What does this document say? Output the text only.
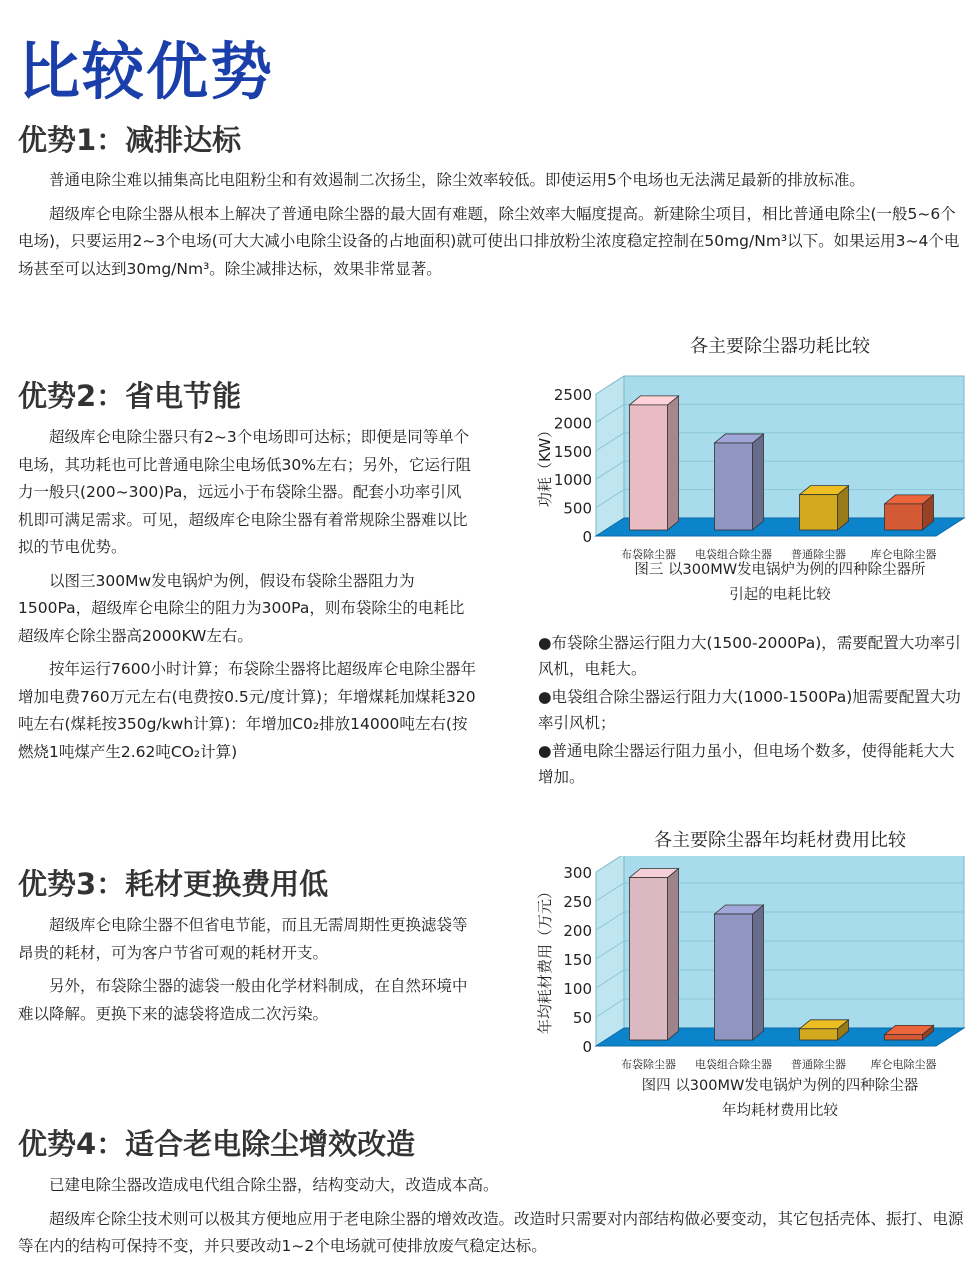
比较优势
优势1：减排达标

普通电除尘难以捕集高比电阻粉尘和有效遏制二次扬尘，除尘效率较低。即使运用5个电场也无法满足最新的排放标准。

超级库仑电除尘器从根本上解决了普通电除尘器的最大固有难题，除尘效率大幅度提高。新建除尘项目，相比普通电除尘(一般5~6个电场)，只要运用2~3个电场(可大大减小电除尘设备的占地面积)就可使出口排放粉尘浓度稳定控制在50mg/Nm³以下。如果运用3~4个电场甚至可以达到30mg/Nm³。除尘减排达标，效果非常显著。

优势2：省电节能

超级库仑电除尘器只有2~3个电场即可达标；即便是同等单个电场，其功耗也可比普通电除尘电场低30%左右；另外，它运行阻力一般只(200~300)Pa，远远小于布袋除尘器。配套小功率引风机即可满足需求。可见，超级库仑电除尘器有着常规除尘器难以比拟的节电优势。

以图三300Mw发电锅炉为例，假设布袋除尘器阻力为1500Pa，超级库仑电除尘的阻力为300Pa，则布袋除尘的电耗比超级库仑除尘器高2000KW左右。

按年运行7600小时计算；布袋除尘器将比超级库仑电除尘器年增加电费760万元左右(电费按0.5元/度计算)；年增煤耗加煤耗320吨左右(煤耗按350g/kwh计算)：年增加C0₂排放14000吨左右(按燃烧1吨煤产生2.62吨CO₂计算)

各主要除尘器功耗比较
2500
2000
1500
1000
500
0
功耗（KW）
布袋除尘器 电袋组合除尘器 普通除尘器 库仑电除尘器
图三 以300MW发电锅炉为例的四种除尘器所
引起的电耗比较

●布袋除尘器运行阻力大(1500-2000Pa)，需要配置大功率引风机，电耗大。

●电袋组合除尘器运行阻力大(1000-1500Pa)旭需要配置大功率引风机；

●普通电除尘器运行阻力虽小，但电场个数多，使得能耗大大增加。

优势3：耗材更换费用低

超级库仑电除尘器不但省电节能，而且无需周期性更换滤袋等昂贵的耗材，可为客户节省可观的耗材开支。

另外，布袋除尘器的滤袋一般由化学材料制成，在自然环境中难以降解。更换下来的滤袋将造成二次污染。

各主要除尘器年均耗材费用比较
300
250
200
150
100
50
0
年均耗材费用（万元）
布袋除尘器 电袋组合除尘器 普通除尘器 库仑电除尘器
图四 以300MW发电锅炉为例的四种除尘器
年均耗材费用比较
优势4：适合老电除尘增效改造

已建电除尘器改造成电代组合除尘器，结构变动大，改造成本高。

超级库仑除尘技术则可以极其方便地应用于老电除尘器的增效改造。改造时只需要对内部结构做必要变动，其它包括壳体、振打、电源等在内的结构可保持不变，并只要改动1~2个电场就可使排放废气稳定达标。
